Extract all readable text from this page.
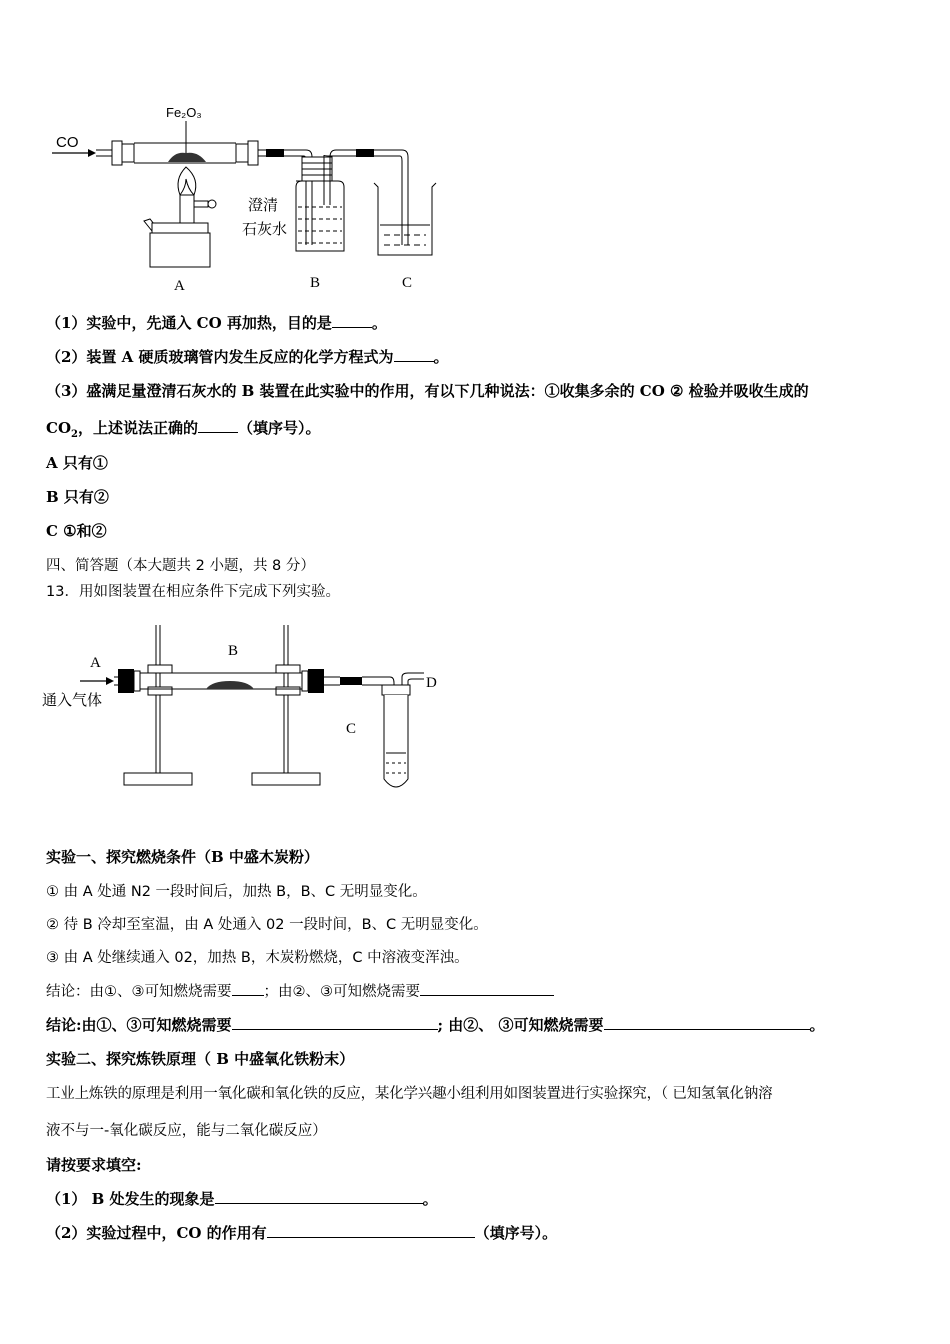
CO
Fe₂O₃
A
澄清
石灰水
B	C
（1）实验中，先通入 CO 再加热，目的是	。
（2）装置 A 硬质玻璃管内发生反应的化学方程式为	。
（3）盛满足量澄清石灰水的 B 装置在此实验中的作用，有以下几种说法：①收集多余的 CO ② 检验并吸收生成的
$CO_2$，上述说法正确的	（填序号）。
A 只有①
B 只有②
C ①和②
四、简答题（本大题共 2 小题，共 8 分）
13．用如图装置在相应条件下完成下列实验。
A
通入气体
B
D
C
实验一、探究燃烧条件（B 中盛木炭粉）
① 由 A 处通 N2 一段时间后，加热 B，B、C 无明显变化。
② 待 B 冷却至室温，由 A 处通入 02 一段时间，B、C 无明显变化。
③ 由 A 处继续通入 02，加热 B，木炭粉燃烧，C 中溶液变浑浊。
结论：由①、③可知燃烧需要 ；由②、③可知燃烧需要
结论:由①、③可知燃烧需要	; 由②、 ③可知燃烧需要	。
实验二、探究炼铁原理（ B 中盛氧化铁粉末）
工业上炼铁的原理是利用一氧化碳和氧化铁的反应，某化学兴趣小组利用如图装置进行实验探究，（ 已知氢氧化钠溶
液不与一-氧化碳反应，能与二氧化碳反应）
请按要求填空:
（1） B 处发生的现象是	。
（2）实验过程中，CO 的作用有	（填序号）。
